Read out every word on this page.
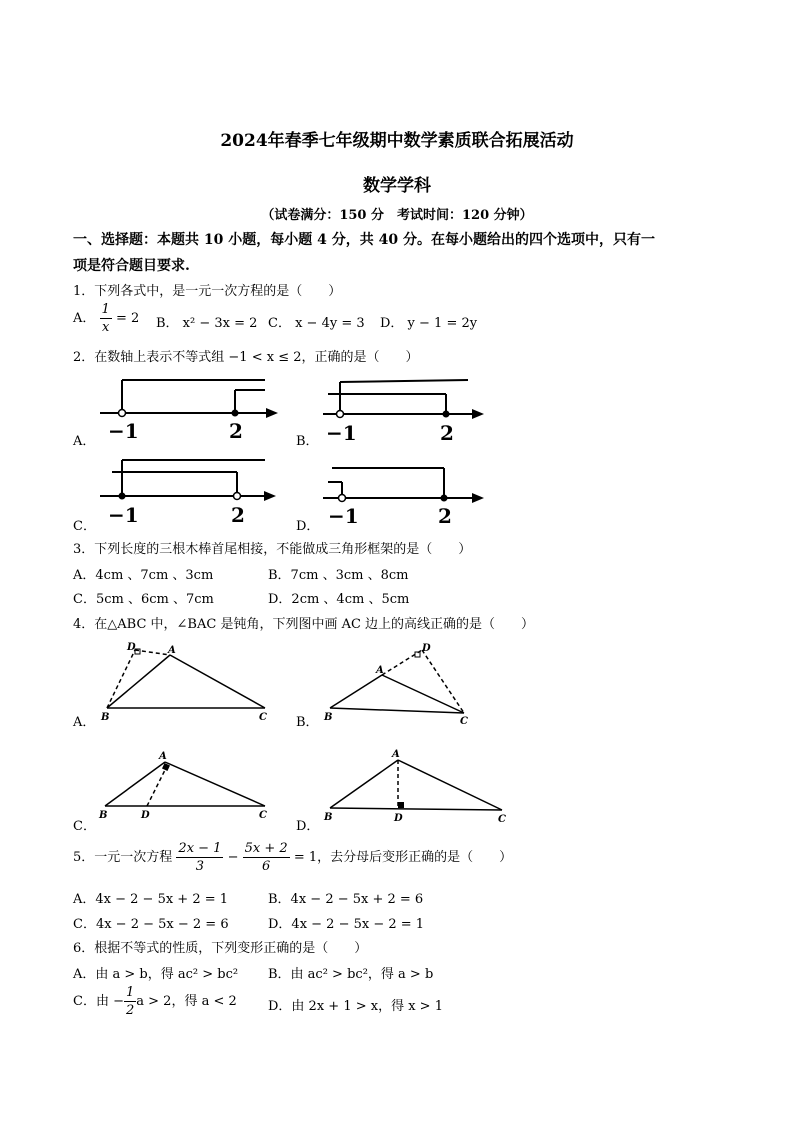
2024年春季七年级期中数学素质联合拓展活动
数学学科
（试卷满分：150 分　考试时间：120 分钟）
一、选择题：本题共 10 小题，每小题 4 分，共 40 分。在每小题给出的四个选项中，只有一
项是符合题目要求.
1．下列各式中，是一元一次方程的是（　　）
A． $\frac{1}{x} = 2$ B． x² − 3x = 2 C． x − 4y = 3 D． y − 1 = 2y
2．在数轴上表示不等式组 −1 < x ≤ 2，正确的是（　　）
−1	2
A．	−1	2
B．
−1	2
C．	−1	2
D．
3．下列长度的三根木棒首尾相接，不能做成三角形框架的是（　　）
A．4cm 、7cm 、3cm	B．7cm 、3cm 、8cm
C．5cm 、6cm 、7cm	D．2cm 、4cm 、5cm
4．在△ABC 中，∠BAC 是钝角，下列图中画 AC 边上的高线正确的是（　　）
D	A
B	C
A．
D
A
B	C
B．
A
B	D	C
C．
A
B	D	C
D．
5．一元一次方程 $\frac{2x - 1}{3} - \frac{5x + 2}{6} = 1$，去分母后变形正确的是（　　）
A．4x − 2 − 5x + 2 = 1	B．4x − 2 − 5x + 2 = 6
C．4x − 2 − 5x − 2 = 6	D．4x − 2 − 5x − 2 = 1
6．根据不等式的性质，下列变形正确的是（　　）
A．由 a > b，得 ac² > bc² B．由 ac² > bc²，得 a > b
C．由 − $\frac{1}{2}$ a > 2，得 a < 2 D．由 2x + 1 > x，得 x > 1
